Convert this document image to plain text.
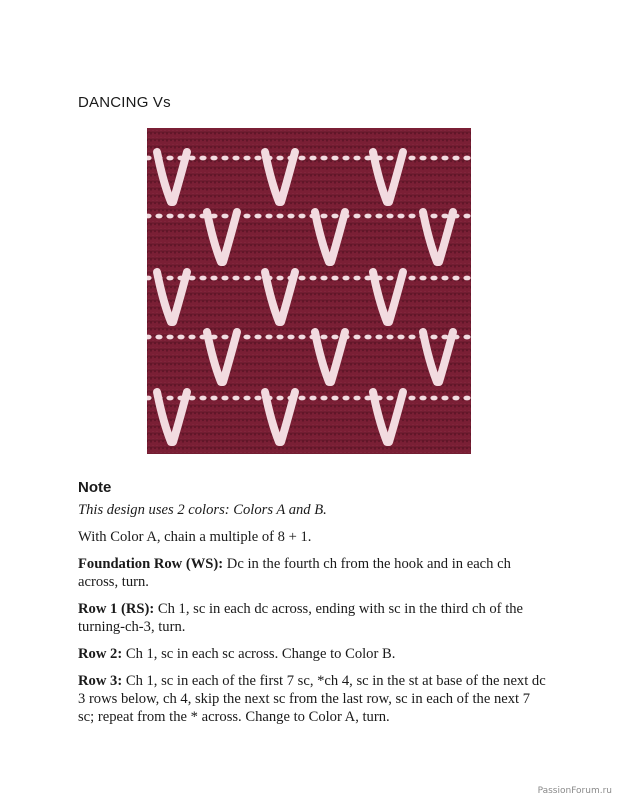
DANCING Vs
Note

This design uses 2 colors: Colors A and B.

With Color A, chain a multiple of 8 + 1.

Foundation Row (WS): Dc in the fourth ch from the hook and in each ch across, turn.

Row 1 (RS): Ch 1, sc in each dc across, ending with sc in the third ch of the turning-ch-3, turn.

Row 2: Ch 1, sc in each sc across. Change to Color B.

Row 3: Ch 1, sc in each of the first 7 sc, *ch 4, sc in the st at base of the next dc 3 rows below, ch 4, skip the next sc from the last row, sc in each of the next 7 sc; repeat from the * across. Change to Color A, turn.

PassionForum.ru
